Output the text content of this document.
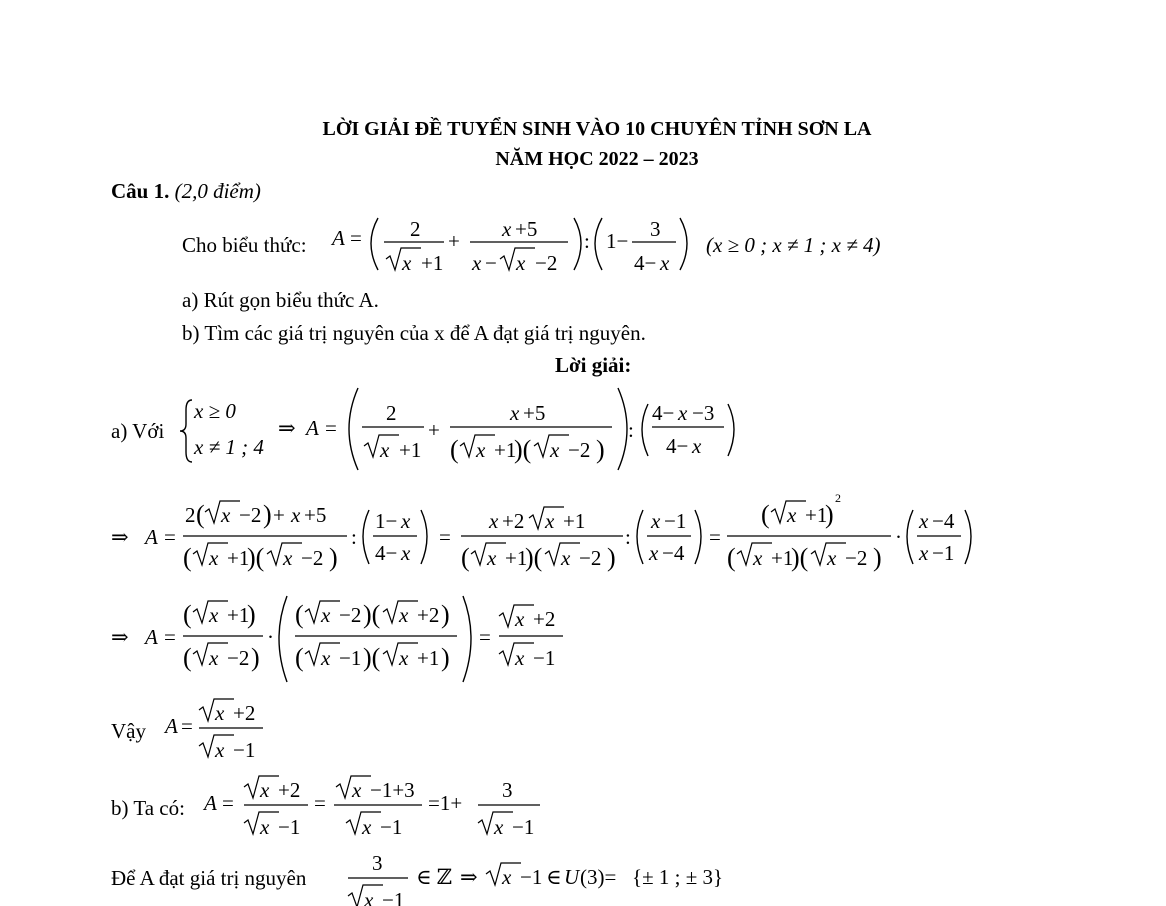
LỜI GIẢI ĐỀ TUYỂN SINH VÀO 10 CHUYÊN TỈNH SƠN LA
NĂM HỌC 2022 – 2023
Câu 1. (2,0 điểm)
Cho biểu thức: A = 2
x +1
+ x +5
x − x −2
: 1− 3
4− x
(x ≥ 0 ; x ≠ 1 ; x ≠ 4)
a) Rút gọn biểu thức A.
b) Tìm các giá trị nguyên của x để A đạt giá trị nguyên.
Lời giải:
a) Với
x ≥ 0
x ≠ 1 ; 4
⇒ A =
2
x +1
+
x +5
( x +1
)( x −2 )
:
4− x −3
4− x
⇒ A =
2 ( x −2 ) + x +5
( x +1
)( x −2 )
:
1− x
4− x
=
x +2 x +1
( x +1
)( x −2 )
:
x −1
x −4
=
( x +1
)
2
( x +1
)( x −2 )
·
x −4
x −1
⇒ A =
( x +1
)
( x −2 )
·
( x −2 )( x +2 )
( x −1 )( x +1 )
=
x +2
x −1
Vậy A =
x +2
x −1
b) Ta có: A =
x +2
x −1
=
x −1+3
x −1
=1+
3
x −1
Để A đạt giá trị nguyên
3
x −1
∈ ℤ ⇒ x −1 ∈ U (3)= {± 1 ; ± 3}
